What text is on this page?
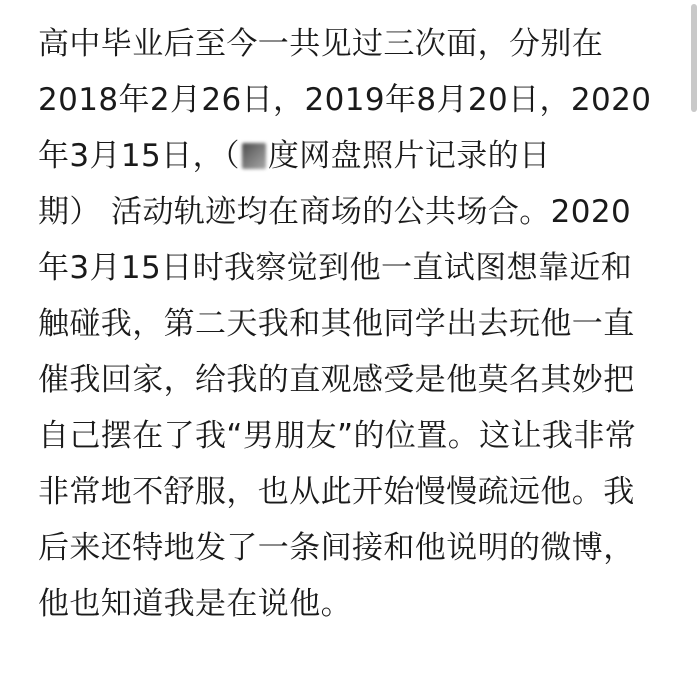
高中毕业后至今一共见过三次面，分别在
2018年2月26日，2019年8月20日，2020
年3月15日，（ 度网盘照片记录的日
期） 活动轨迹均在商场的公共场合。2020
年3月15日时我察觉到他一直试图想靠近和
触碰我，第二天我和其他同学出去玩他一直
催我回家，给我的直观感受是他莫名其妙把
自己摆在了我“男朋友”的位置。这让我非常
非常地不舒服，也从此开始慢慢疏远他。我
后来还特地发了一条间接和他说明的微博，
他也知道我是在说他。
